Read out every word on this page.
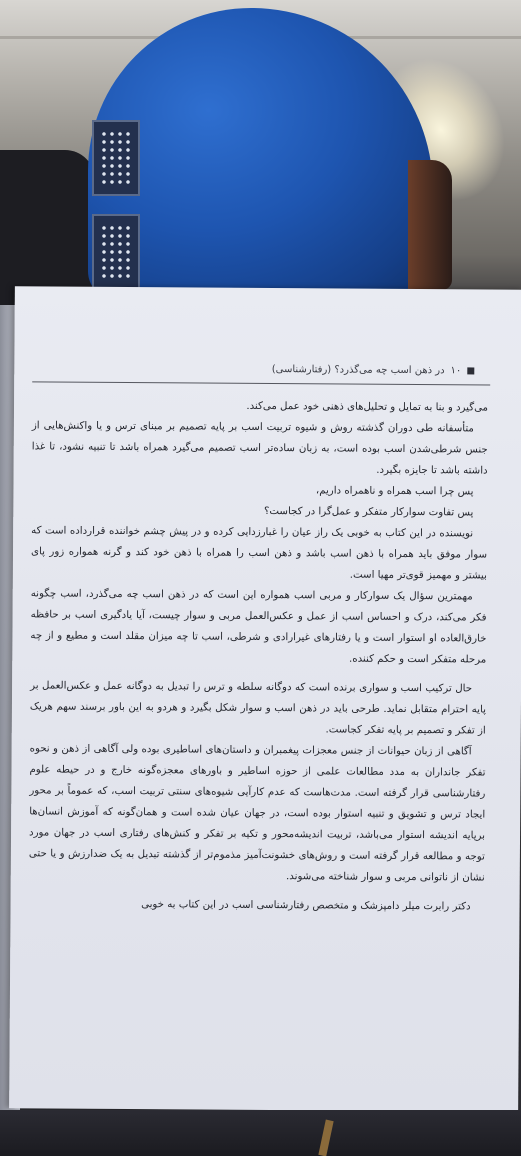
۱۰
در ذهن اسب چه می‌گذرد؟ (رفتارشناسی)

می‌گیرد و بنا به تمایل و تحلیل‌های ذهنی خود عمل می‌کند.

متأسفانه طی دوران گذشته روش و شیوه تربیت اسب بر پایه تصمیم بر مبنای ترس و یا واکنش‌هایی از جنس شرطی‌شدن اسب بوده است، به زبان ساده‌تر اسب تصمیم می‌گیرد همراه باشد تا تنبیه نشود، تا غذا داشته باشد تا جایزه بگیرد.

پس چرا اسب همراه و ناهمراه داریم،

پس تفاوت سوارکار متفکر و عمل‌گرا در کجاست؟

نویسنده در این کتاب به خوبی یک راز عیان را غبارزدایی کرده و در پیش چشم خواننده قرارداده است که سوار موفق باید همراه با ذهن اسب باشد و ذهن اسب را همراه با ذهن خود کند و گرنه همواره زور پای بیشتر و مهمیز قوی‌تر مهیا است.

مهمترین سؤال یک سوارکار و مربی اسب همواره این است که در ذهن اسب چه می‌گذرد، اسب چگونه فکر می‌کند، درک و احساس اسب از عمل و عکس‌العمل مربی و سوار چیست، آیا یادگیری اسب بر حافظه خارق‌العاده او استوار است و یا رفتارهای غیرارادی و شرطی، اسب تا چه میزان مقلد است و مطیع و از چه مرحله متفکر است و حکم کننده.

حال ترکیب اسب و سواری برنده است که دوگانه سلطه و ترس را تبدیل به دوگانه عمل و عکس‌العمل بر پایه احترام متقابل نماید. طرحی باید در ذهن اسب و سوار شکل بگیرد و هردو به این باور برسند سهم هریک از تفکر و تصمیم بر پایه تفکر کجاست.

آگاهی از زبان حیوانات از جنس معجزات پیغمبران و داستان‌های اساطیری بوده ولی آگاهی از ذهن و نحوه تفکر جانداران به مدد مطالعات علمی از حوزه اساطیر و باورهای معجزه‌گونه خارج و در حیطه علوم رفتارشناسی قرار گرفته است. مدت‌هاست که عدم کارآیی شیوه‌های سنتی تربیت اسب، که عموماً بر محور ایجاد ترس و تشویق و تنبیه استوار بوده است، در جهان عیان شده است و همان‌گونه که آموزش انسان‌ها برپایه اندیشه استوار می‌باشد، تربیت اندیشه‌محور و تکیه بر تفکر و کنش‌های رفتاری اسب در جهان مورد توجه و مطالعه قرار گرفته است و روش‌های خشونت‌آمیز مذموم‌تر از گذشته تبدیل به یک ضدارزش و یا حتی نشان از ناتوانی مربی و سوار شناخته می‌شوند.

دکتر رابرت میلر دامپزشک و متخصص رفتارشناسی اسب در این کتاب به خوبی
